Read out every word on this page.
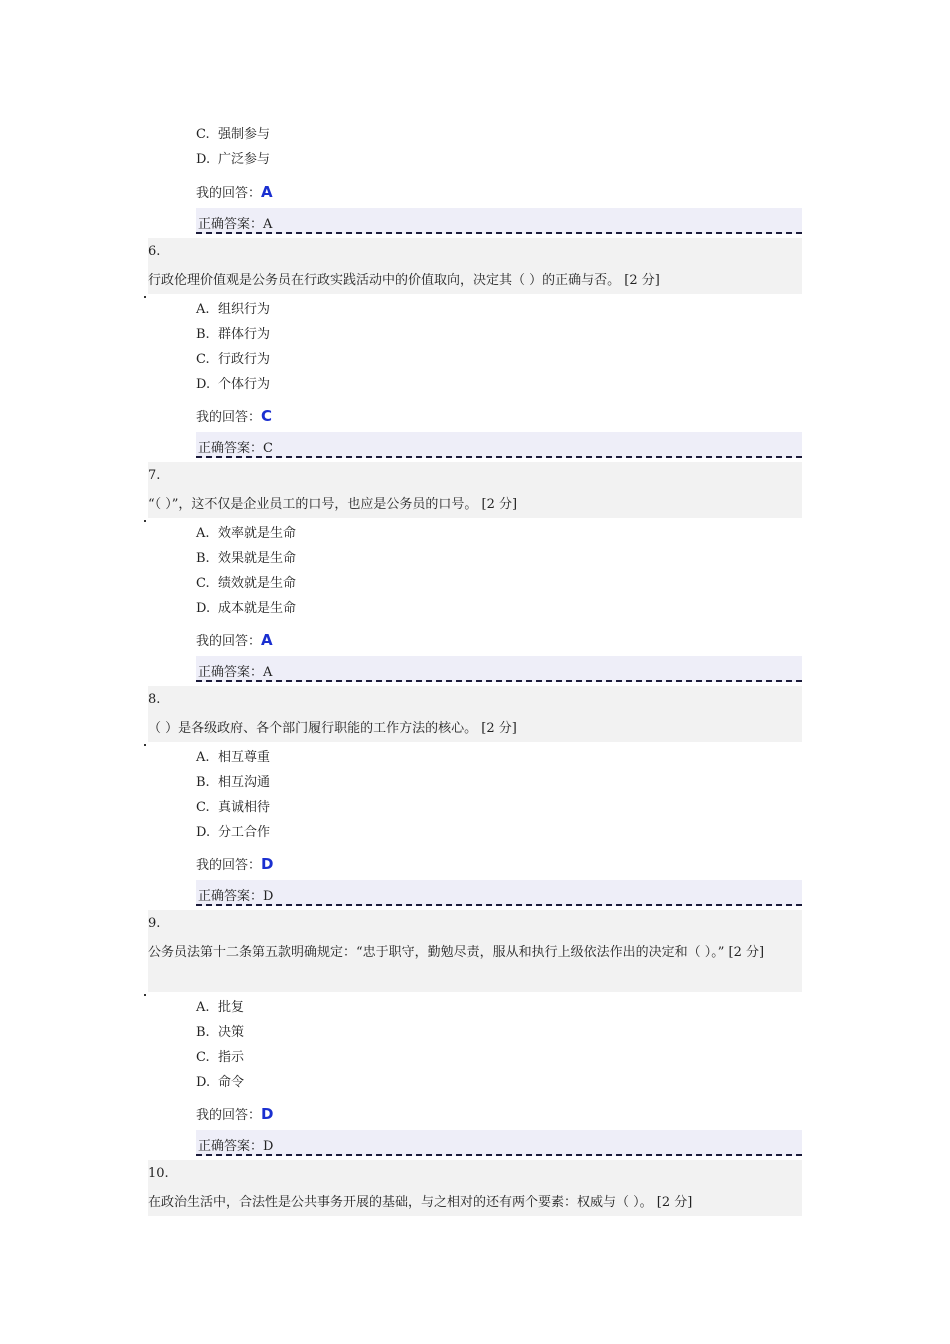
C. 强制参与
D. 广泛参与
我的回答：A
正确答案：A
6.
行政伦理价值观是公务员在行政实践活动中的价值取向，决定其（ ）的正确与否。 [2 分]
A. 组织行为
B. 群体行为
C. 行政行为
D. 个体行为
我的回答：C
正确答案：C
7.
“（ ）”，这不仅是企业员工的口号，也应是公务员的口号。 [2 分]
A. 效率就是生命
B. 效果就是生命
C. 绩效就是生命
D. 成本就是生命
我的回答：A
正确答案：A
8.
（ ）是各级政府、各个部门履行职能的工作方法的核心。 [2 分]
A. 相互尊重
B. 相互沟通
C. 真诚相待
D. 分工合作
我的回答：D
正确答案：D
9.
公务员法第十二条第五款明确规定：“忠于职守，勤勉尽责，服从和执行上级依法作出的决定和（ ）。” [2 分]
A. 批复
B. 决策
C. 指示
D. 命令
我的回答：D
正确答案：D
10.
在政治生活中，合法性是公共事务开展的基础，与之相对的还有两个要素：权威与（ ）。 [2 分]
